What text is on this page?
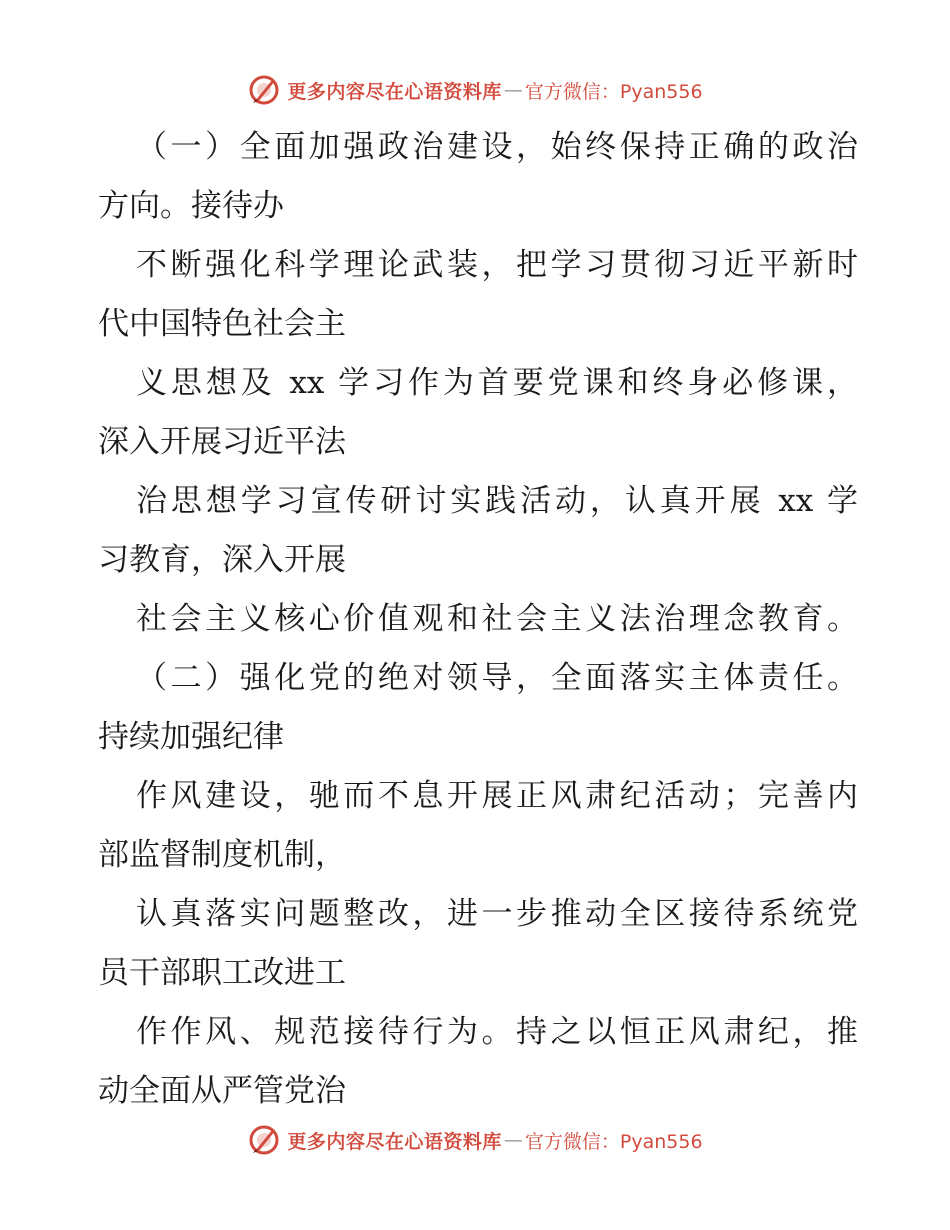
更多内容尽在心语资料库 — 官方微信：Pyan556
（一）全面加强政治建设，始终保持正确的政治
方向。接待办
不断强化科学理论武装，把学习贯彻习近平新时
代中国特色社会主
义思想及 xx 学习作为首要党课和终身必修课，
深入开展习近平法
治思想学习宣传研讨实践活动，认真开展 xx 学
习教育，深入开展
社会主义核心价值观和社会主义法治理念教育。
（二）强化党的绝对领导，全面落实主体责任。
持续加强纪律
作风建设，驰而不息开展正风肃纪活动；完善内
部监督制度机制，
认真落实问题整改，进一步推动全区接待系统党
员干部职工改进工
作作风、规范接待行为。持之以恒正风肃纪，推
动全面从严管党治
更多内容尽在心语资料库 — 官方微信：Pyan556
